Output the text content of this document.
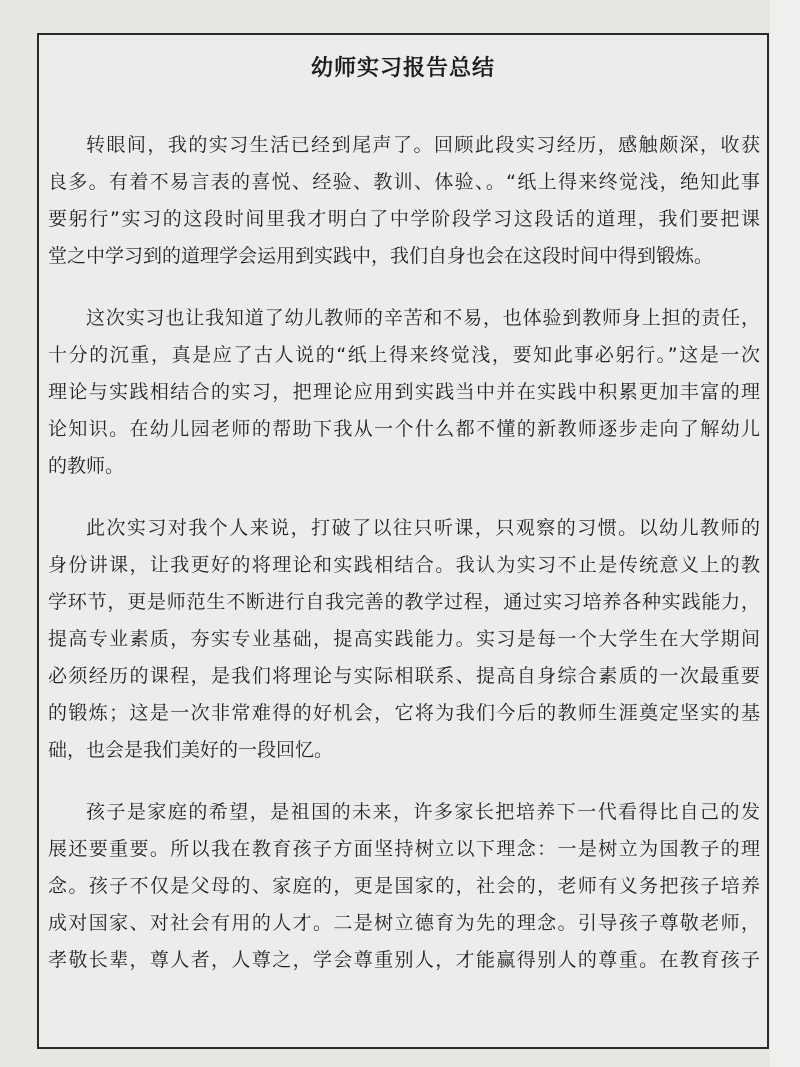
幼师实习报告总结
转眼间，我的实习生活已经到尾声了。回顾此段实习经历，感触颇深，收获
良多。有着不易言表的喜悦、经验、教训、体验、。“纸上得来终觉浅，绝知此事
要躬行”实习的这段时间里我才明白了中学阶段学习这段话的道理，我们要把课
堂之中学习到的道理学会运用到实践中，我们自身也会在这段时间中得到锻炼。
这次实习也让我知道了幼儿教师的辛苦和不易，也体验到教师身上担的责任，
十分的沉重，真是应了古人说的“纸上得来终觉浅，要知此事必躬行。”这是一次
理论与实践相结合的实习，把理论应用到实践当中并在实践中积累更加丰富的理
论知识。在幼儿园老师的帮助下我从一个什么都不懂的新教师逐步走向了解幼儿
的教师。
此次实习对我个人来说，打破了以往只听课，只观察的习惯。以幼儿教师的
身份讲课，让我更好的将理论和实践相结合。我认为实习不止是传统意义上的教
学环节，更是师范生不断进行自我完善的教学过程，通过实习培养各种实践能力，
提高专业素质，夯实专业基础，提高实践能力。实习是每一个大学生在大学期间
必须经历的课程，是我们将理论与实际相联系、提高自身综合素质的一次最重要
的锻炼；这是一次非常难得的好机会，它将为我们今后的教师生涯奠定坚实的基
础，也会是我们美好的一段回忆。
孩子是家庭的希望，是祖国的未来，许多家长把培养下一代看得比自己的发
展还要重要。所以我在教育孩子方面坚持树立以下理念：一是树立为国教子的理
念。孩子不仅是父母的、家庭的，更是国家的，社会的，老师有义务把孩子培养
成对国家、对社会有用的人才。二是树立德育为先的理念。引导孩子尊敬老师，
孝敬长辈，尊人者，人尊之，学会尊重别人，才能赢得别人的尊重。在教育孩子
